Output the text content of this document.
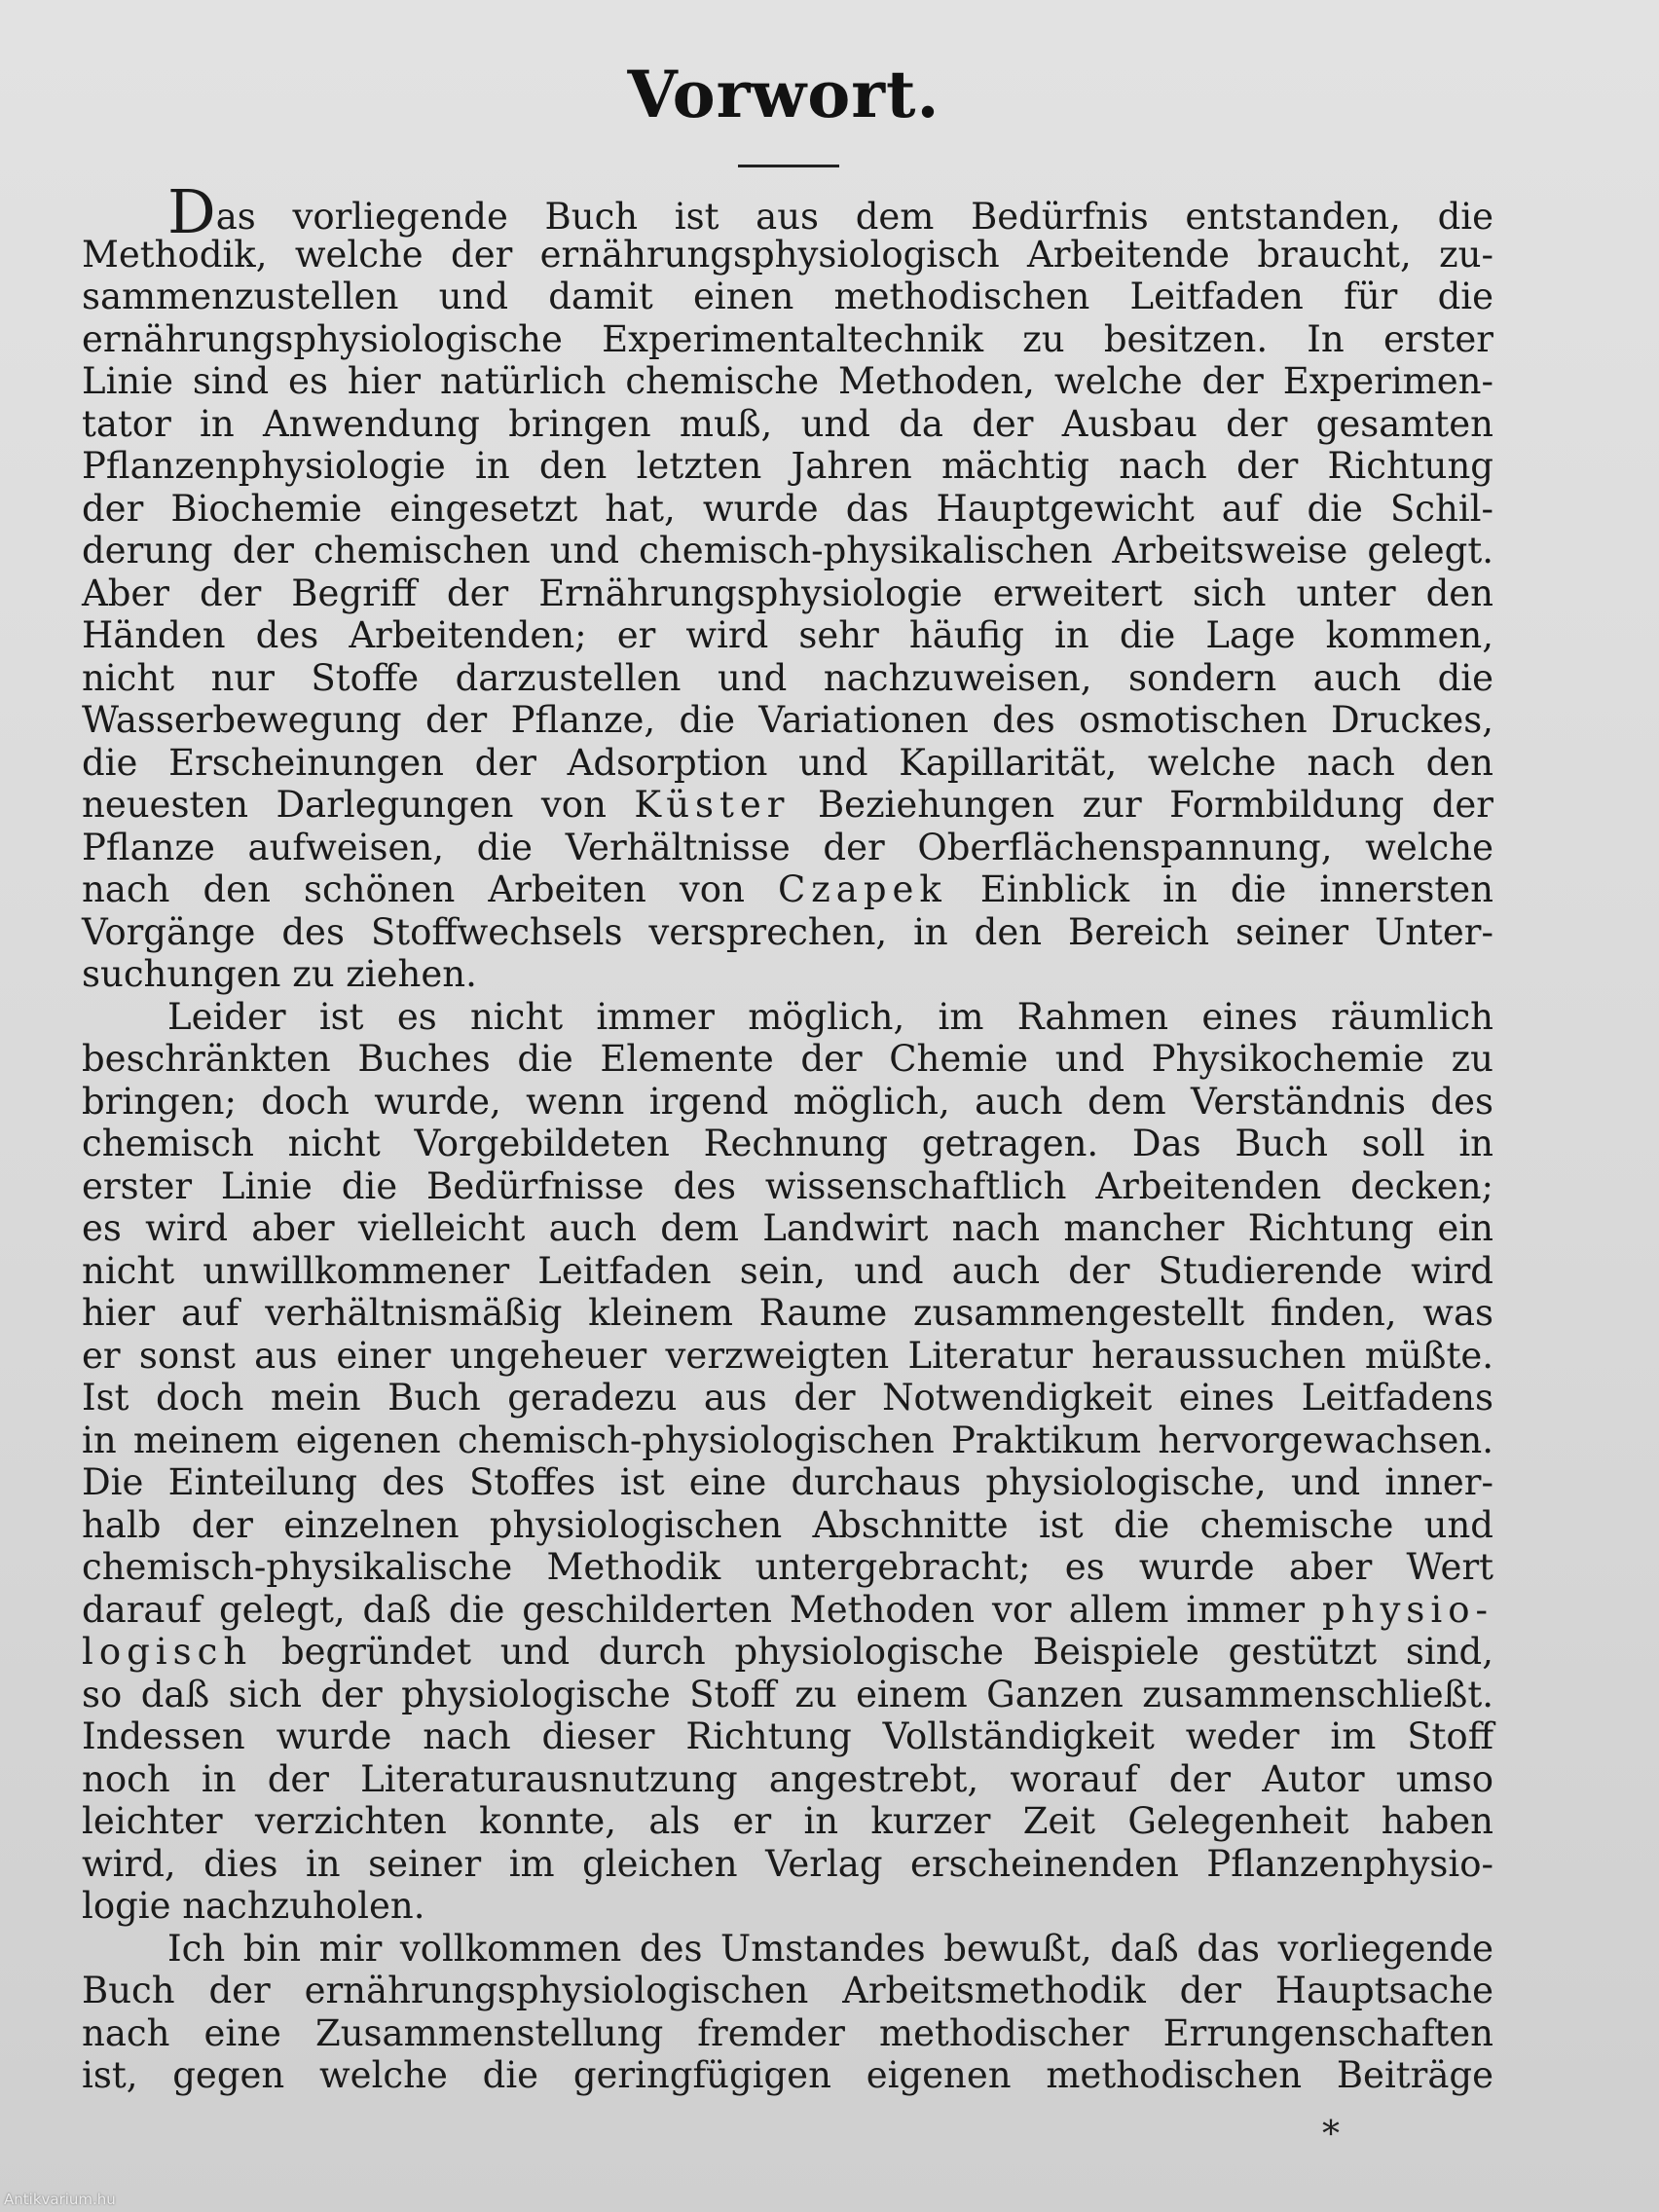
Vorwort.
Das vorliegende Buch ist aus dem Bedürfnis entstanden, die
Methodik, welche der ernährungsphysiologisch Arbeitende braucht, zu-
sammenzustellen und damit einen methodischen Leitfaden für die
ernährungsphysiologische Experimentaltechnik zu besitzen. In erster
Linie sind es hier natürlich chemische Methoden, welche der Experimen-
tator in Anwendung bringen muß, und da der Ausbau der gesamten
Pflanzenphysiologie in den letzten Jahren mächtig nach der Richtung
der Biochemie eingesetzt hat, wurde das Hauptgewicht auf die Schil-
derung der chemischen und chemisch-physikalischen Arbeitsweise gelegt.
Aber der Begriff der Ernährungsphysiologie erweitert sich unter den
Händen des Arbeitenden; er wird sehr häufig in die Lage kommen,
nicht nur Stoffe darzustellen und nachzuweisen, sondern auch die
Wasserbewegung der Pflanze, die Variationen des osmotischen Druckes,
die Erscheinungen der Adsorption und Kapillarität, welche nach den
neuesten Darlegungen von Küster Beziehungen zur Formbildung der
Pflanze aufweisen, die Verhältnisse der Oberflächenspannung, welche
nach den schönen Arbeiten von Czapek Einblick in die innersten
Vorgänge des Stoffwechsels versprechen, in den Bereich seiner Unter-
suchungen zu ziehen.
Leider ist es nicht immer möglich, im Rahmen eines räumlich
beschränkten Buches die Elemente der Chemie und Physikochemie zu
bringen; doch wurde, wenn irgend möglich, auch dem Verständnis des
chemisch nicht Vorgebildeten Rechnung getragen. Das Buch soll in
erster Linie die Bedürfnisse des wissenschaftlich Arbeitenden decken;
es wird aber vielleicht auch dem Landwirt nach mancher Richtung ein
nicht unwillkommener Leitfaden sein, und auch der Studierende wird
hier auf verhältnismäßig kleinem Raume zusammengestellt finden, was
er sonst aus einer ungeheuer verzweigten Literatur heraussuchen müßte.
Ist doch mein Buch geradezu aus der Notwendigkeit eines Leitfadens
in meinem eigenen chemisch-physiologischen Praktikum hervorgewachsen.
Die Einteilung des Stoffes ist eine durchaus physiologische, und inner-
halb der einzelnen physiologischen Abschnitte ist die chemische und
chemisch-physikalische Methodik untergebracht; es wurde aber Wert
darauf gelegt, daß die geschilderten Methoden vor allem immer physio-
logisch begründet und durch physiologische Beispiele gestützt sind,
so daß sich der physiologische Stoff zu einem Ganzen zusammenschließt.
Indessen wurde nach dieser Richtung Vollständigkeit weder im Stoff
noch in der Literaturausnutzung angestrebt, worauf der Autor umso
leichter verzichten konnte, als er in kurzer Zeit Gelegenheit haben
wird, dies in seiner im gleichen Verlag erscheinenden Pflanzenphysio-
logie nachzuholen.
Ich bin mir vollkommen des Umstandes bewußt, daß das vorliegende
Buch der ernährungsphysiologischen Arbeitsmethodik der Hauptsache
nach eine Zusammenstellung fremder methodischer Errungenschaften
ist, gegen welche die geringfügigen eigenen methodischen Beiträge
*
Antikvarium.hu
